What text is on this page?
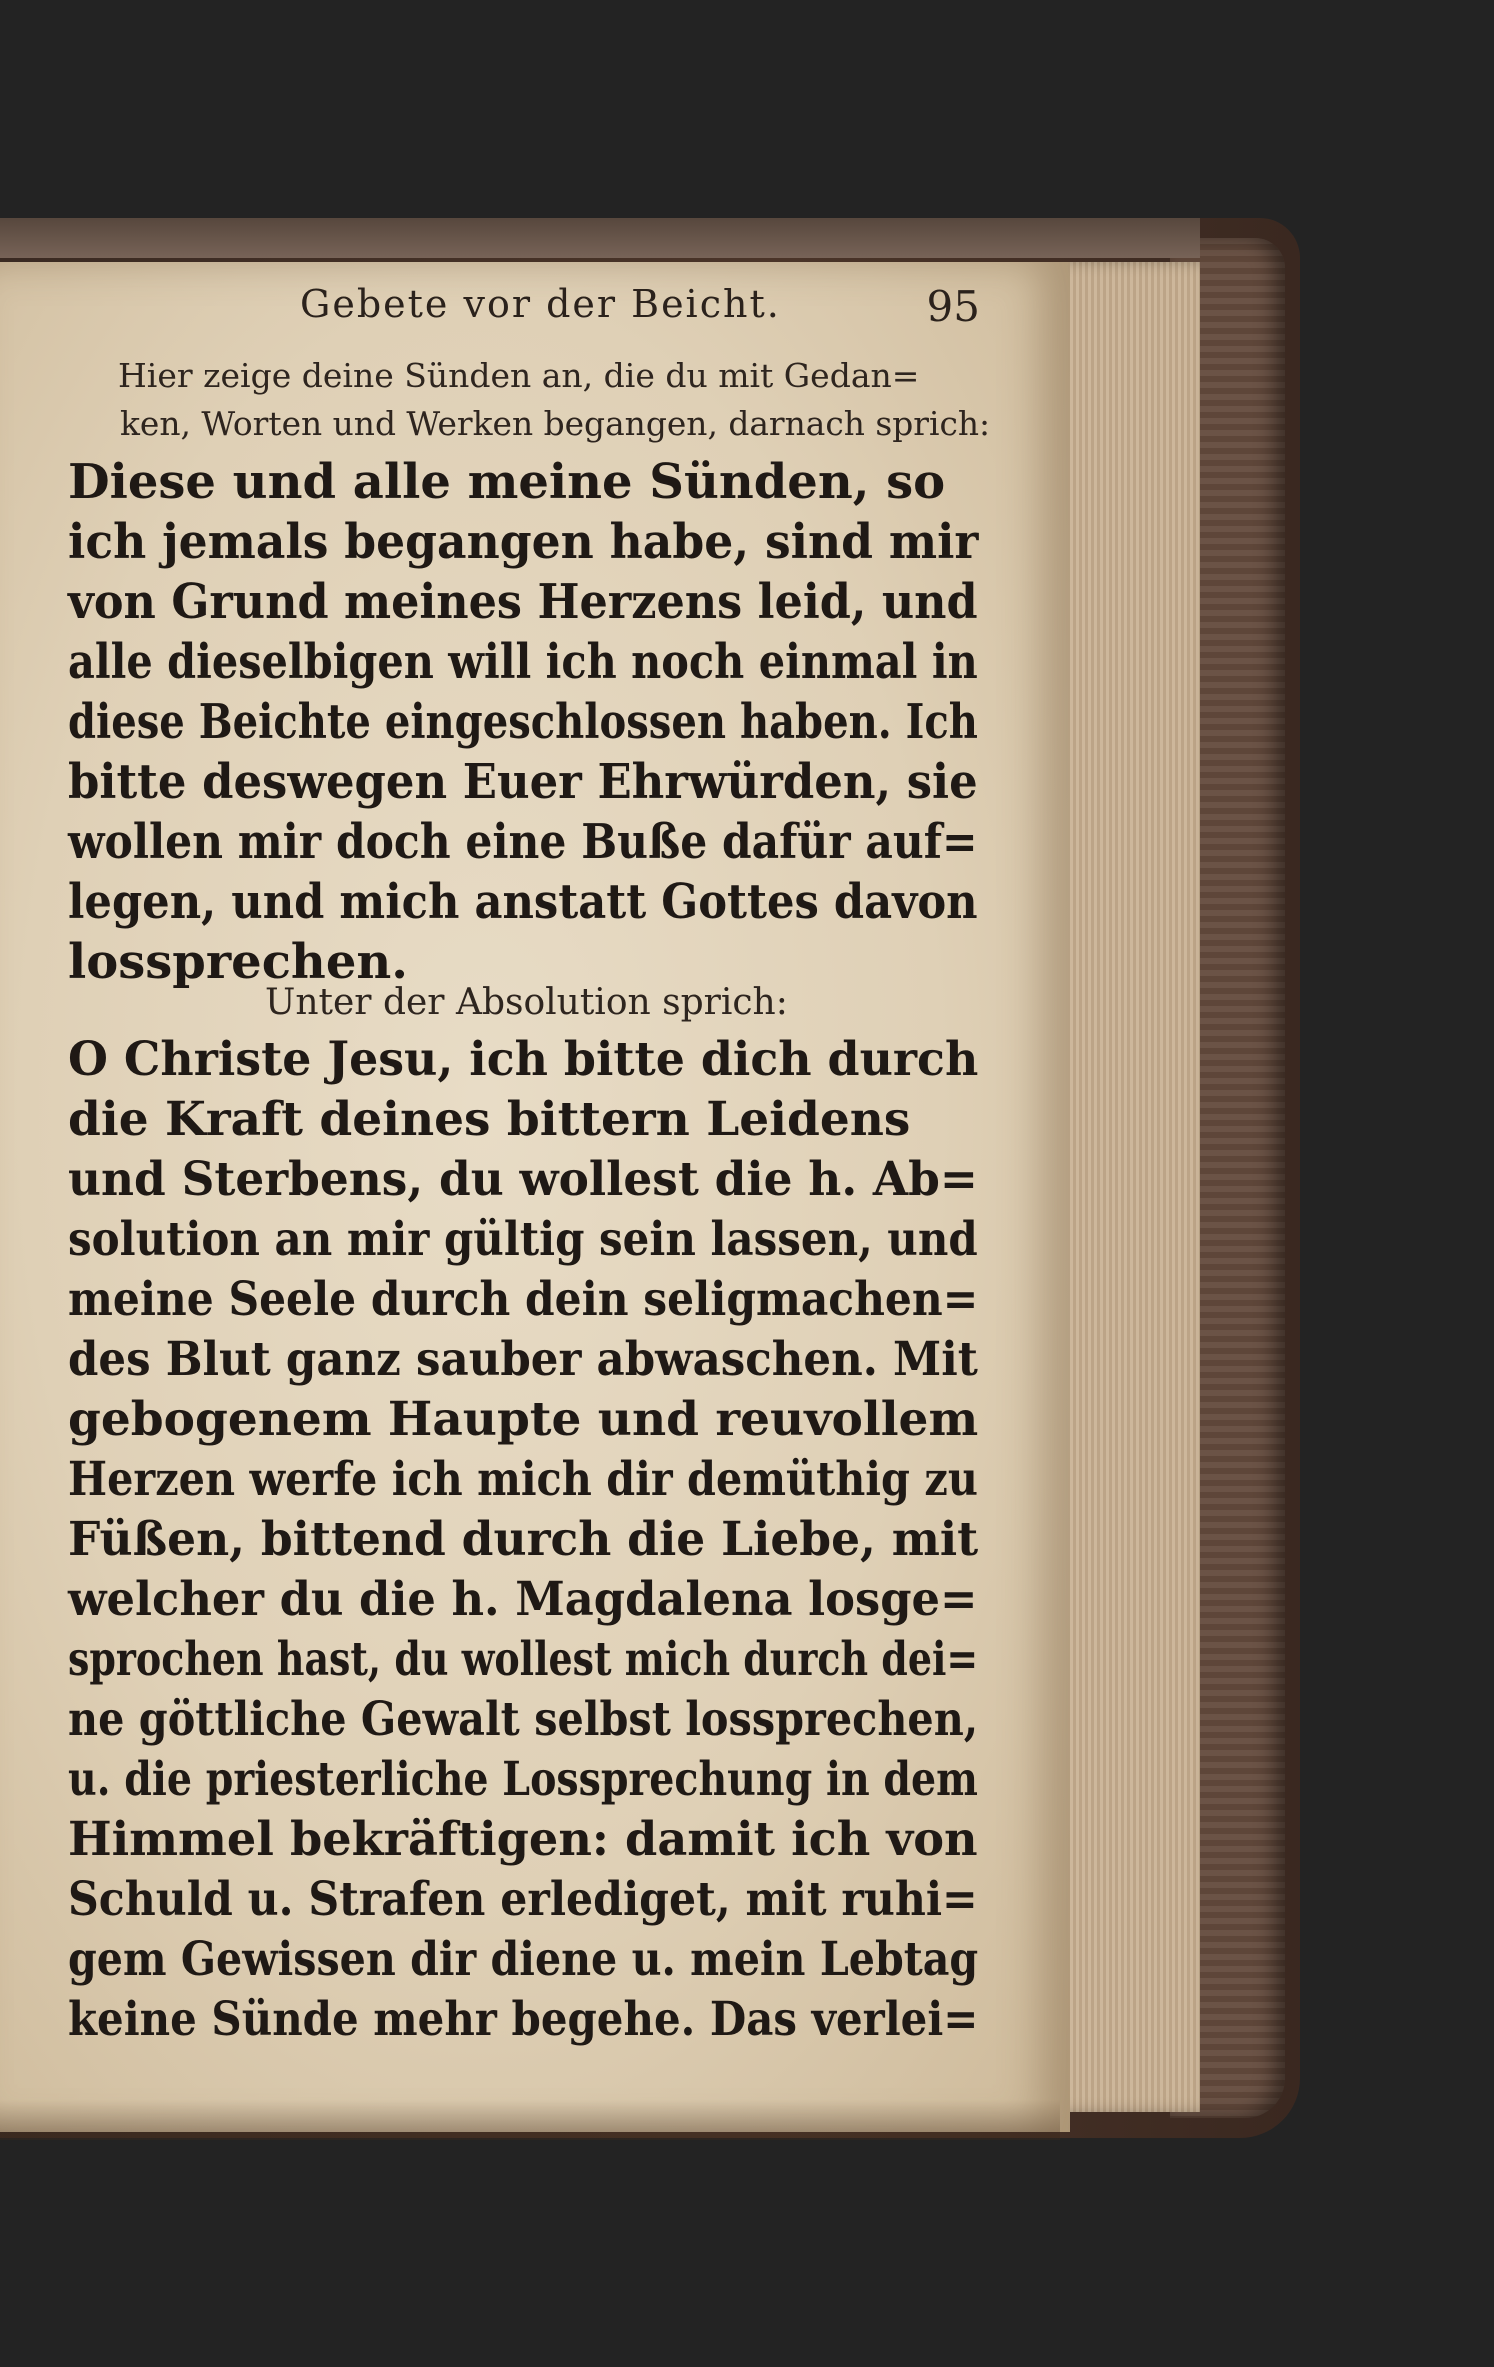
Gebete vor der Beicht.	95
Hier zeige deine Sünden an, die du mit Gedan=
ken, Worten und Werken begangen, darnach sprich:
Diese und alle meine Sünden, so
ich jemals begangen habe, sind mir
von Grund meines Herzens leid, und
alle dieselbigen will ich noch einmal in
diese Beichte eingeschlossen haben. Ich
bitte deswegen Euer Ehrwürden, sie
wollen mir doch eine Buße dafür auf=
legen, und mich anstatt Gottes davon
lossprechen.
Unter der Absolution sprich:
O Christe Jesu, ich bitte dich durch
die Kraft deines bittern Leidens
und Sterbens, du wollest die h. Ab=
solution an mir gültig sein lassen, und
meine Seele durch dein seligmachen=
des Blut ganz sauber abwaschen. Mit
gebogenem Haupte und reuvollem
Herzen werfe ich mich dir demüthig zu
Füßen, bittend durch die Liebe, mit
welcher du die h. Magdalena losge=
sprochen hast, du wollest mich durch dei=
ne göttliche Gewalt selbst lossprechen,
u. die priesterliche Lossprechung in dem
Himmel bekräftigen: damit ich von
Schuld u. Strafen erlediget, mit ruhi=
gem Gewissen dir diene u. mein Lebtag
keine Sünde mehr begehe. Das verlei=
